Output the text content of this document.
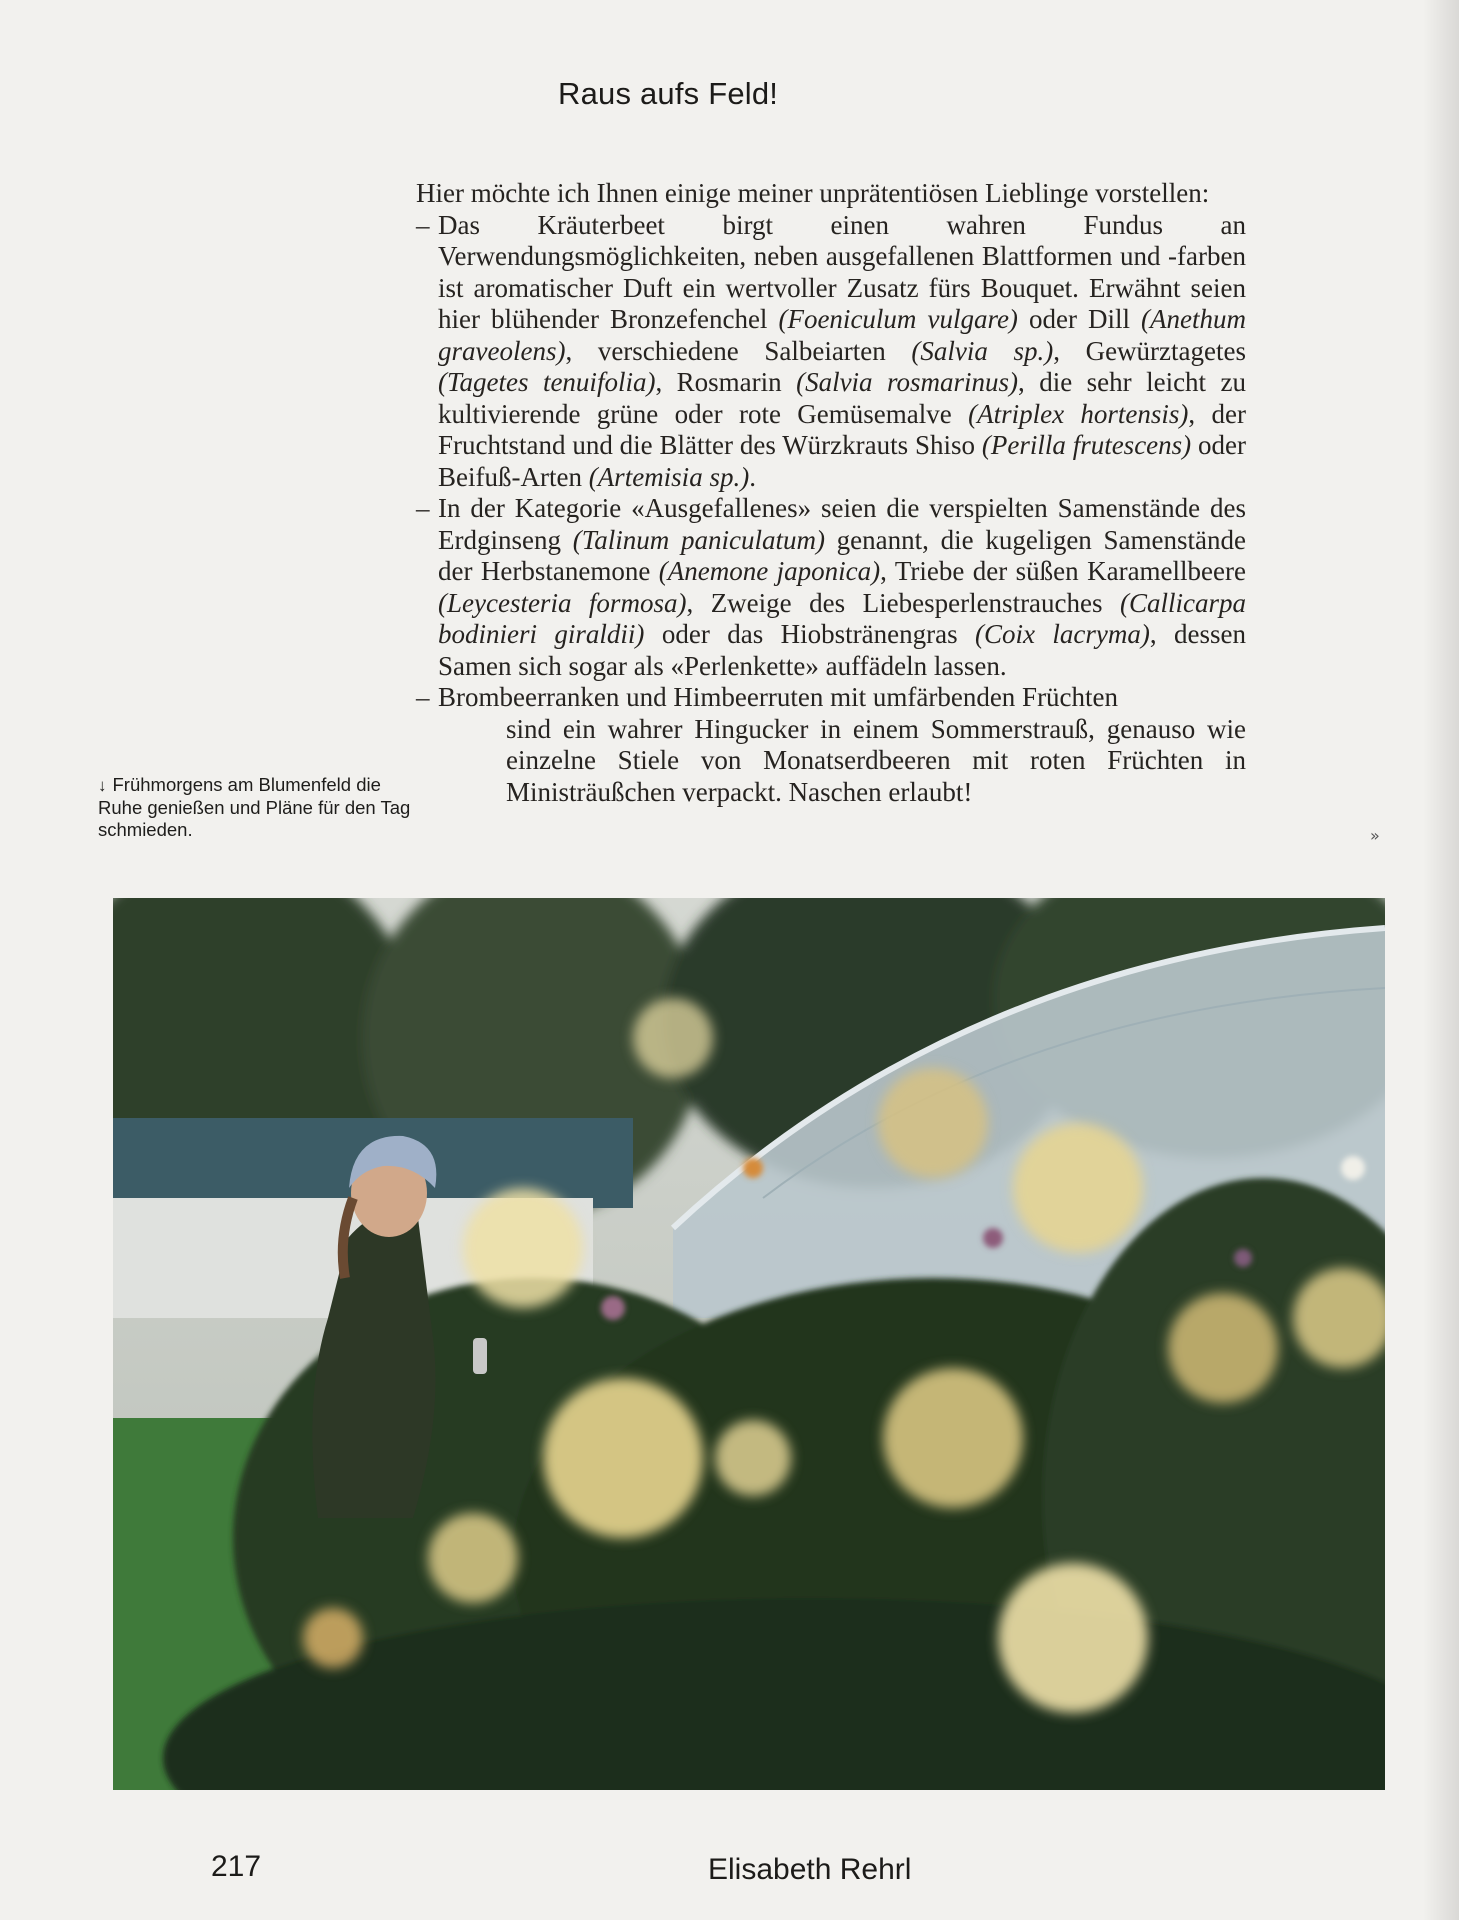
Raus aufs Feld!

Hier möchte ich Ihnen einige meiner unprätentiösen Lieblinge vorstellen:

– Das Kräuterbeet birgt einen wahren Fundus an Verwendungsmöglichkeiten, neben ausgefallenen Blattformen und -farben ist aromatischer Duft ein wertvoller Zusatz fürs Bouquet. Erwähnt seien hier blühender Bronzefenchel (Foeniculum vulgare) oder Dill (Anethum graveolens), verschiedene Salbeiarten (Salvia sp.), Gewürztagetes (Tagetes tenuifolia), Rosmarin (Salvia rosmarinus), die sehr leicht zu kultivierende grüne oder rote Gemüsemalve (Atriplex hortensis), der Fruchtstand und die Blätter des Würzkrauts Shiso (Perilla frutescens) oder Beifuß-Arten (Artemisia sp.).
– In der Kategorie «Ausgefallenes» seien die verspielten Samenstände des Erdginseng (Talinum paniculatum) genannt, die kugeligen Samenstände der Herbstanemone (Anemone japonica), Triebe der süßen Karamellbeere (Leycesteria formosa), Zweige des Liebesperlenstrauches (Callicarpa bodinieri giraldii) oder das Hiobstränengras (Coix lacryma), dessen Samen sich sogar als «Perlenkette» auffädeln lassen.
– Brombeerranken und Himbeerruten mit umfärbenden Früchten
sind ein wahrer Hingucker in einem Sommerstrauß, genauso wie einzelne Stiele von Monatserdbeeren mit roten Früchten in Ministräußchen verpackt. Naschen erlaubt!
↓ Frühmorgens am Blumenfeld die Ruhe genießen und Pläne für den Tag schmieden.	»
217	Elisabeth Rehrl
